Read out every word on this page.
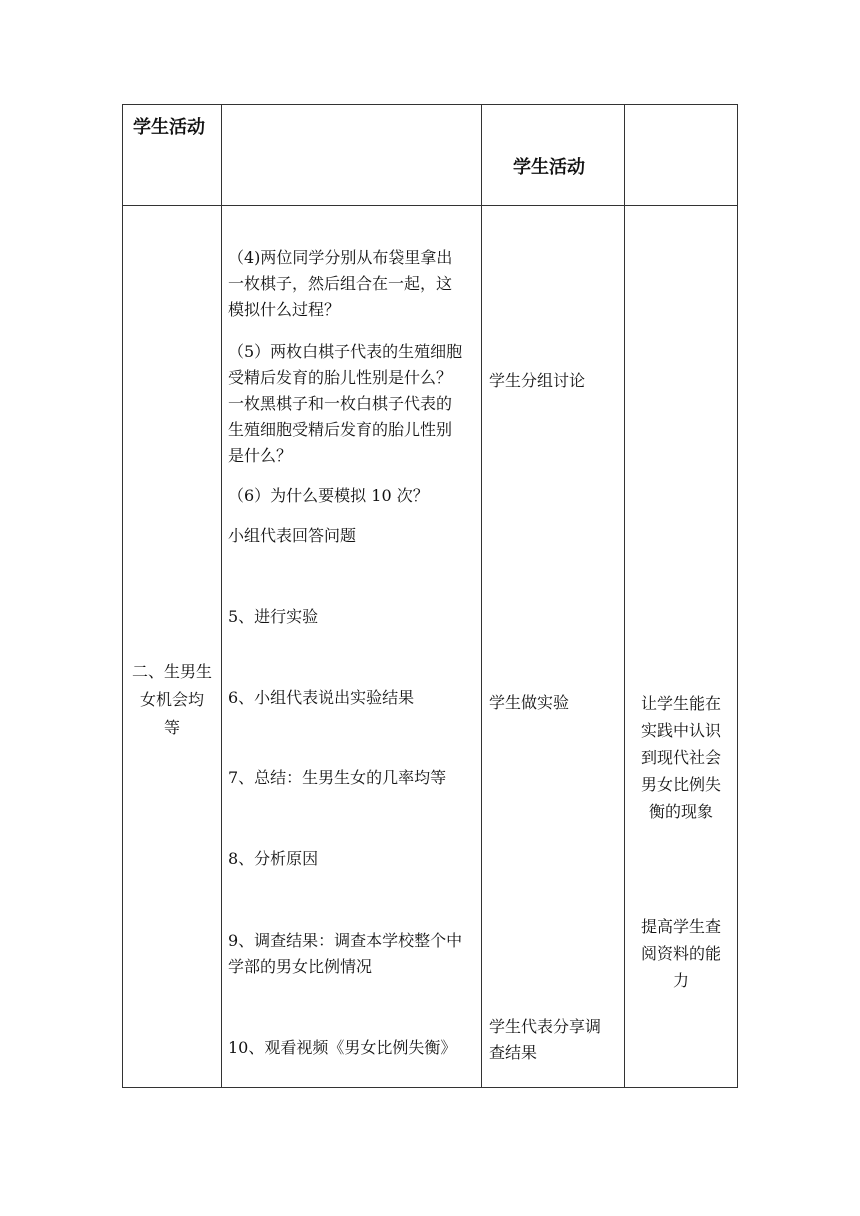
学生活动
学生活动
二、生男生
女机会均
等
（4)两位同学分别从布袋里拿出
一枚棋子，然后组合在一起，这
模拟什么过程？
（5）两枚白棋子代表的生殖细胞
受精后发育的胎儿性别是什么？
一枚黑棋子和一枚白棋子代表的
生殖细胞受精后发育的胎儿性别
是什么？
（6）为什么要模拟 10 次？
小组代表回答问题
5、进行实验
6、小组代表说出实验结果
7、总结：生男生女的几率均等
8、分析原因
9、调查结果：调查本学校整个中
学部的男女比例情况
10、观看视频《男女比例失衡》
学生分组讨论
学生做实验
学生代表分享调
查结果
让学生能在
实践中认识
到现代社会
男女比例失
衡的现象
提高学生查
阅资料的能
力
